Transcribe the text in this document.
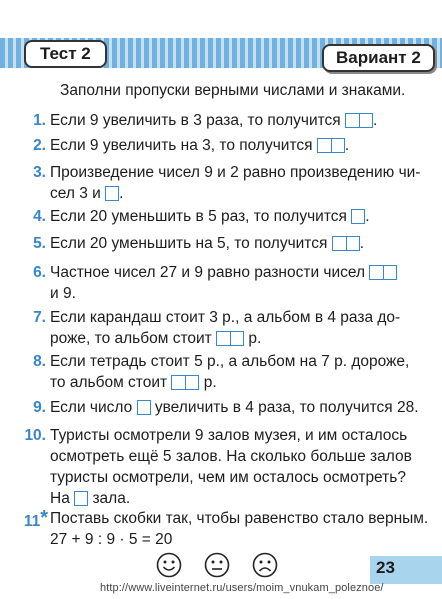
Тест 2	Вариант 2
Заполни пропуски верными числами и знаками.
1. Если 9 увеличить в 3 раза, то получится .
2. Если 9 увеличить на 3, то получится .
3. Произведение чисел 9 и 2 равно произведению чи-
сел 3 и .
4. Если 20 уменьшить в 5 раз, то получится .
5. Если 20 уменьшить на 5, то получится .
6. Частное чисел 27 и 9 равно разности чисел
и 9.
7. Если карандаш стоит 3 р., а альбом в 4 раза до-
роже, то альбом стоит р.
8. Если тетрадь стоит 5 р., а альбом на 7 р. дороже,
то альбом стоит р.
9. Если число увеличить в 4 раза, то получится 28.
10. Туристы осмотрели 9 залов музея, и им осталось
осмотреть ещё 5 залов. На сколько больше залов
туристы осмотрели, чем им осталось осмотреть?
На зала.
11* Поставь скобки так, чтобы равенство стало верным.
27 + 9 : 9 · 5 = 20
23
http://www.liveinternet.ru/users/moim_vnukam_poleznoe/
